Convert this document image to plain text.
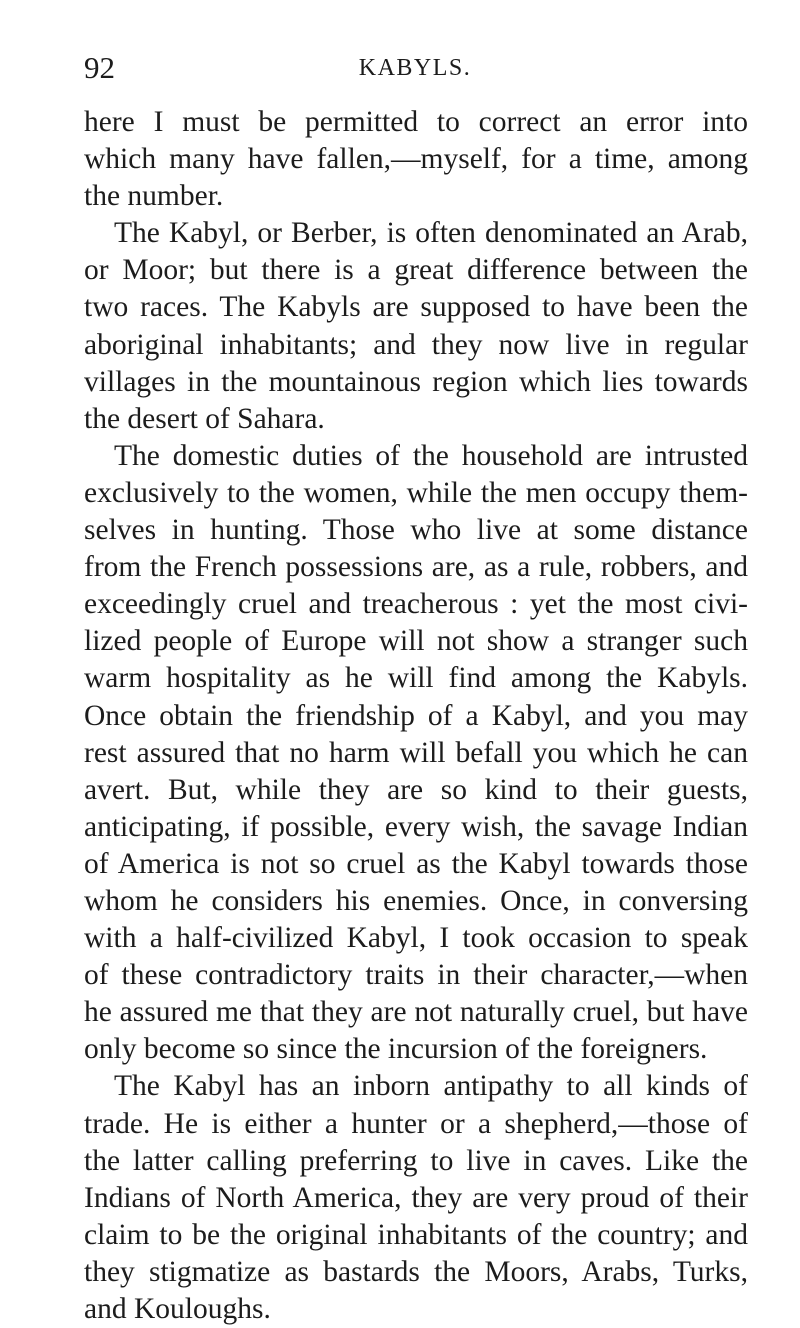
92	KABYLS.
here I must be permitted to correct an error into
which many have fallen,—myself, for a time, among
the number.
The Kabyl, or Berber, is often denominated an Arab,
or Moor; but there is a great difference between the
two races. The Kabyls are supposed to have been the
aboriginal inhabitants; and they now live in regular
villages in the mountainous region which lies towards
the desert of Sahara.
The domestic duties of the household are intrusted
exclusively to the women, while the men occupy them-
selves in hunting. Those who live at some distance
from the French possessions are, as a rule, robbers, and
exceedingly cruel and treacherous : yet the most civi-
lized people of Europe will not show a stranger such
warm hospitality as he will find among the Kabyls.
Once obtain the friendship of a Kabyl, and you may
rest assured that no harm will befall you which he can
avert. But, while they are so kind to their guests,
anticipating, if possible, every wish, the savage Indian
of America is not so cruel as the Kabyl towards those
whom he considers his enemies. Once, in conversing
with a half-civilized Kabyl, I took occasion to speak
of these contradictory traits in their character,—when
he assured me that they are not naturally cruel, but have
only become so since the incursion of the foreigners.
The Kabyl has an inborn antipathy to all kinds of
trade. He is either a hunter or a shepherd,—those of
the latter calling preferring to live in caves. Like the
Indians of North America, they are very proud of their
claim to be the original inhabitants of the country; and
they stigmatize as bastards the Moors, Arabs, Turks,
and Kouloughs.
